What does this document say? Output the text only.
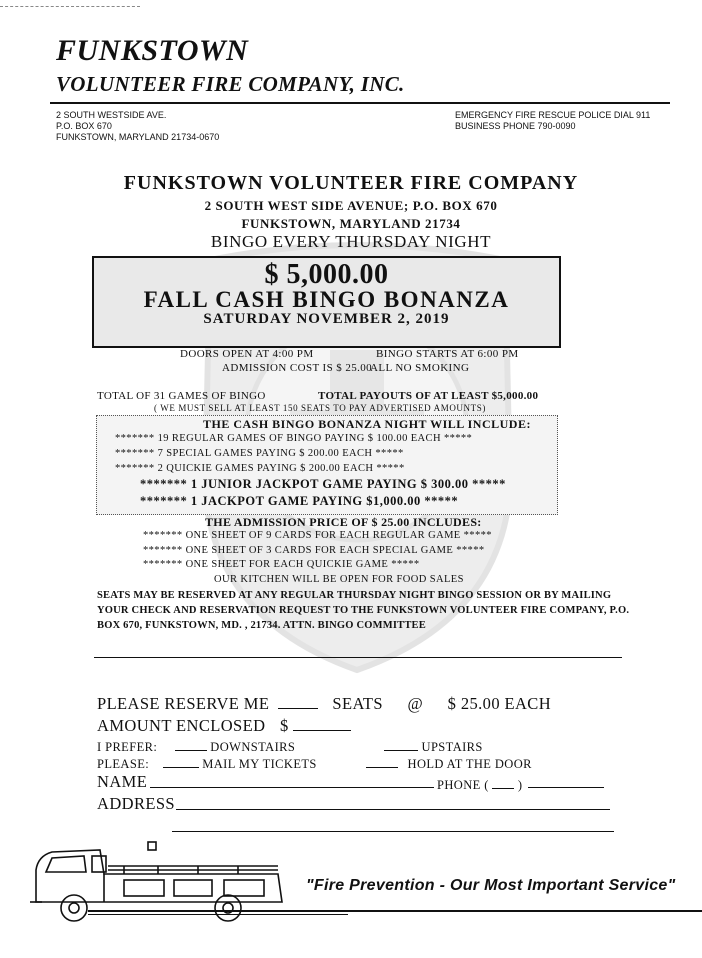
FUNKSTOWN
VOLUNTEER FIRE COMPANY, INC.
2 SOUTH WESTSIDE AVE.
P.O. BOX 670
FUNKSTOWN, MARYLAND 21734-0670
EMERGENCY FIRE RESCUE POLICE DIAL 911
BUSINESS PHONE 790-0090
FUNKSTOWN VOLUNTEER FIRE COMPANY
2 SOUTH WEST SIDE AVENUE; P.O. BOX 670
FUNKSTOWN, MARYLAND 21734
BINGO EVERY THURSDAY NIGHT
$ 5,000.00
FALL CASH BINGO BONANZA
SATURDAY NOVEMBER 2, 2019
DOORS OPEN AT 4:00 PM	BINGO STARTS AT 6:00 PM
ADMISSION COST IS $ 25.00
ALL NO SMOKING
TOTAL OF 31 GAMES OF BINGO	TOTAL PAYOUTS OF AT LEAST $5,000.00
( WE MUST SELL AT LEAST 150 SEATS TO PAY ADVERTISED AMOUNTS)
THE CASH BINGO BONANZA NIGHT WILL INCLUDE:
******* 19 REGULAR GAMES OF BINGO PAYING $ 100.00 EACH *****
******* 7 SPECIAL GAMES PAYING $ 200.00 EACH *****
******* 2 QUICKIE GAMES PAYING $ 200.00 EACH *****
******* 1 JUNIOR JACKPOT GAME PAYING $ 300.00 *****
******* 1 JACKPOT GAME PAYING $1,000.00 *****
THE ADMISSION PRICE OF $ 25.00 INCLUDES:
******* ONE SHEET OF 9 CARDS FOR EACH REGULAR GAME *****
******* ONE SHEET OF 3 CARDS FOR EACH SPECIAL GAME *****
******* ONE SHEET FOR EACH QUICKIE GAME *****
OUR KITCHEN WILL BE OPEN FOR FOOD SALES
SEATS MAY BE RESERVED AT ANY REGULAR THURSDAY NIGHT BINGO SESSION OR BY MAILING YOUR CHECK AND RESERVATION REQUEST TO THE FUNKSTOWN VOLUNTEER FIRE COMPANY, P.O. BOX 670, FUNKSTOWN, MD. , 21734. ATTN. BINGO COMMITTEE
PLEASE RESERVE ME	SEATS @ $ 25.00 EACH
AMOUNT ENCLOSED $
I PREFER:	DOWNSTAIRS	UPSTAIRS
PLEASE:	MAIL MY TICKETS	HOLD AT THE DOOR
NAME	PHONE ( )
ADDRESS
"Fire Prevention - Our Most Important Service"
